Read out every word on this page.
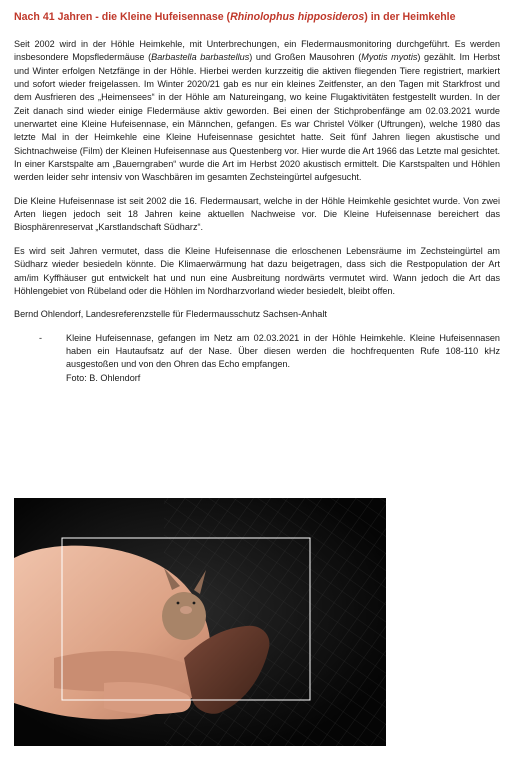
Nach 41 Jahren - die Kleine Hufeisennase (Rhinolophus hipposideros) in der Heimkehle

Seit 2002 wird in der Höhle Heimkehle, mit Unterbrechungen, ein Fledermausmonitoring durchgeführt. Es werden insbesondere Mopsfledermäuse (Barbastella barbastellus) und Großen Mausohren (Myotis myotis) gezählt. Im Herbst und Winter erfolgen Netzfänge in der Höhle. Hierbei werden kurzzeitig die aktiven fliegenden Tiere registriert, markiert und sofort wieder freigelassen. Im Winter 2020/21 gab es nur ein kleines Zeitfenster, an den Tagen mit Starkfrost und dem Ausfrieren des „Heimensees“ in der Höhle am Natureingang, wo keine Flugaktivitäten festgestellt wurden. In der Zeit danach sind wieder einige Fledermäuse aktiv geworden. Bei einen der Stichprobenfänge am 02.03.2021 wurde unerwartet eine Kleine Hufeisennase, ein Männchen, gefangen. Es war Christel Völker (Uftrungen), welche 1980 das letzte Mal in der Heimkehle eine Kleine Hufeisennase gesichtet hatte. Seit fünf Jahren liegen akustische und Sichtnachweise (Film) der Kleinen Hufeisennase aus Questenberg vor. Hier wurde die Art 1966 das Letzte mal gesichtet. In einer Karstspalte am „Bauerngraben“ wurde die Art im Herbst 2020 akustisch ermittelt. Die Karstspalten und Höhlen werden leider sehr intensiv von Waschbären im gesamten Zechsteingürtel aufgesucht.

Die Kleine Hufeisennase ist seit 2002 die 16. Fledermausart, welche in der Höhle Heimkehle gesichtet wurde. Von zwei Arten liegen jedoch seit 18 Jahren keine aktuellen Nachweise vor. Die Kleine Hufeisennase bereichert das Biosphärenreservat „Karstlandschaft Südharz“.

Es wird seit Jahren vermutet, dass die Kleine Hufeisennase die erloschenen Lebensräume im Zechsteingürtel am Südharz wieder besiedeln könnte. Die Klimaerwärmung hat dazu beigetragen, dass sich die Restpopulation der Art am/im Kyffhäuser gut entwickelt hat und nun eine Ausbreitung nordwärts vermutet wird. Wann jedoch die Art das Höhlengebiet von Rübeland oder die Höhlen im Nordharzvorland wieder besiedelt, bleibt offen.

Bernd Ohlendorf, Landesreferenzstelle für Fledermausschutz Sachsen-Anhalt

-	Kleine Hufeisennase, gefangen im Netz am 02.03.2021 in der Höhle Heimkehle. Kleine Hufeisennasen haben ein Hautaufsatz auf der Nase. Über diesen werden die hochfrequenten Rufe 108-110 kHz ausgestoßen und von den Ohren das Echo empfangen.
Foto: B. Ohlendorf
